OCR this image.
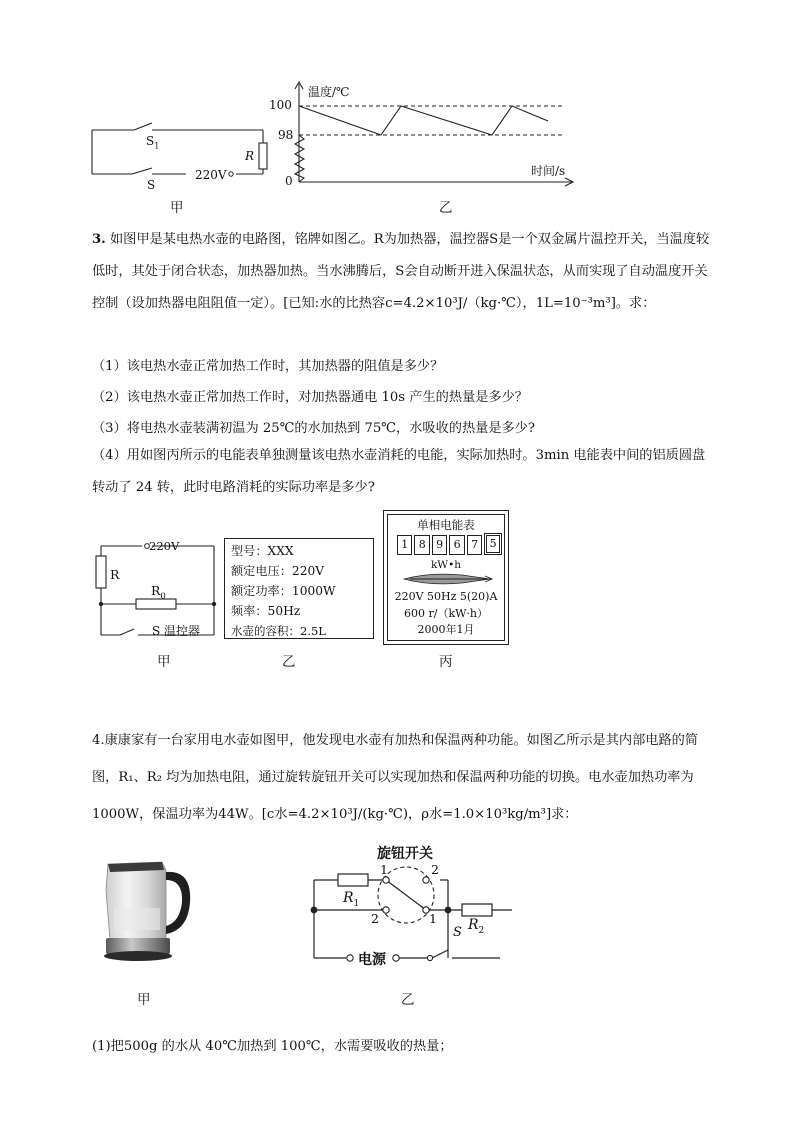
$S_1$
S
220V
R
甲
温度/℃
时间/s
100
98
0
乙
3. 如图甲是某电热水壶的电路图，铭牌如图乙。R为加热器，温控器S是一个双金属片温控开关，当温度较低时，其处于闭合状态，加热器加热。当水沸腾后，S会自动断开进入保温状态，从而实现了自动温度开关控制（设加热器电阻阻值一定）。[已知:水的比热容c=4.2×10³J/（kg·℃），1L=10⁻³m³]。求：
（1）该电热水壶正常加热工作时，其加热器的阻值是多少？
（2）该电热水壶正常加热工作时，对加热器通电 10s 产生的热量是多少？
（3）将电热水壶装满初温为 25℃的水加热到 75℃，水吸收的热量是多少?
（4）用如图丙所示的电能表单独测量该电热水壶消耗的电能，实际加热时。3min 电能表中间的铝质圆盘转动了 24 转，此时电路消耗的实际功率是多少?
220V
R
$R_0$
S 温控器
甲
型号：XXX
额定电压：220V
额定功率：1000W
频率：50Hz
水壶的容积：2.5L
乙
单相电能表
1 8 9 6 7	5
kW•h
220V 50Hz 5(20)A
600 r/（kW·h）
2000年1月
丙
4.康康家有一台家用电水壶如图甲，他发现电水壶有加热和保温两种功能。如图乙所示是其内部电路的简图，R₁、R₂ 均为加热电阻，通过旋转旋钮开关可以实现加热和保温两种功能的切换。电水壶加热功率为1000W，保温功率为44W。[c水=4.2×10³J/(kg·℃)，ρ水=1.0×10³kg/m³]求：
甲
旋钮开关
1	2
2	1
$R_1$
$R_2$
S
电源
乙
(1)把500g 的水从 40℃加热到 100℃，水需要吸收的热量；
